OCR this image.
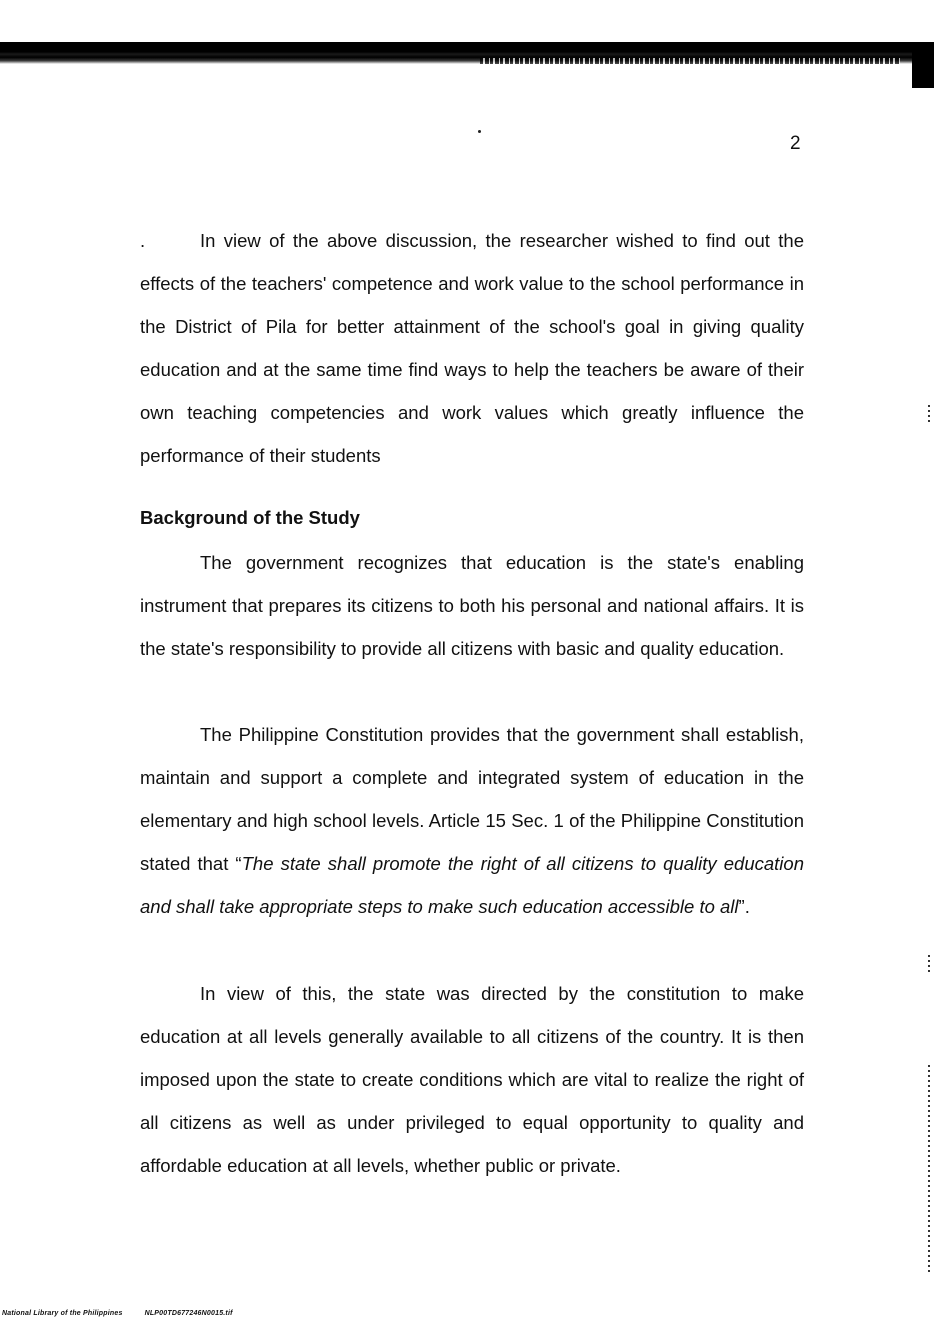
2

.	In view of the above discussion, the researcher wished to find out the effects of the teachers' competence and work value to the school performance in the District of Pila for better attainment of the school's goal in giving quality education and at the same time find ways to help the teachers be aware of their own teaching competencies and work values which greatly influence the performance of their students

Background of the Study

The government recognizes that education is the state's enabling instrument that prepares its citizens to both his personal and national affairs. It is the state's responsibility to provide all citizens with basic and quality education.

The Philippine Constitution provides that the government shall establish, maintain and support a complete and integrated system of education in the elementary and high school levels. Article 15 Sec. 1 of the Philippine Constitution stated that “The state shall promote the right of all citizens to quality education and shall take appropriate steps to make such education accessible to all”.

In view of this, the state was directed by the constitution to make education at all levels generally available to all citizens of the country. It is then imposed upon the state to create conditions which are vital to realize the right of all citizens as well as under privileged to equal opportunity to quality and affordable education at all levels, whether public or private.

National Library of the Philippines	NLP00TD677246N0015.tif
